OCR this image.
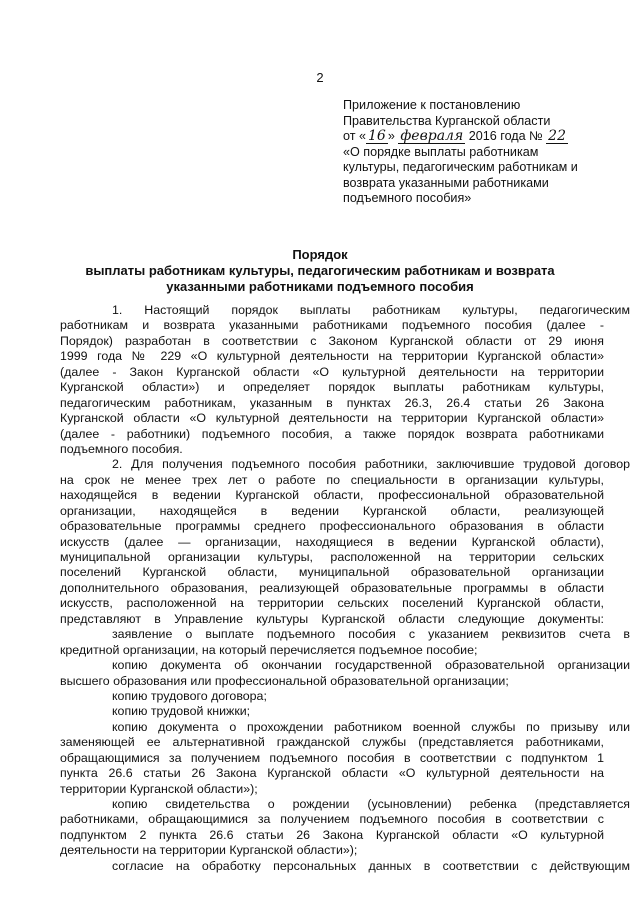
2
Приложение к постановлению
Правительства Курганской области
от « 16 » февраля 2016 года № 22
«О порядке выплаты работникам
культуры, педагогическим работникам и
возврата указанными работниками
подъемного пособия»
Порядок
выплаты работникам культуры, педагогическим работникам и возврата
указанными работниками подъемного пособия
1. Настоящий порядок выплаты работникам культуры, педагогическим
работникам и возврата указанными работниками подъемного пособия (далее -
Порядок) разработан в соответствии с Законом Курганской области от 29 июня
1999 года № 229 «О культурной деятельности на территории Курганской области»
(далее - Закон Курганской области «О культурной деятельности на территории
Курганской области») и определяет порядок выплаты работникам культуры,
педагогическим работникам, указанным в пунктах 26.3, 26.4 статьи 26 Закона
Курганской области «О культурной деятельности на территории Курганской области»
(далее - работники) подъемного пособия, а также порядок возврата работниками
подъемного пособия.
2. Для получения подъемного пособия работники, заключившие трудовой договор
на срок не менее трех лет о работе по специальности в организации культуры,
находящейся в ведении Курганской области, профессиональной образовательной
организации, находящейся в ведении Курганской области, реализующей
образовательные программы среднего профессионального образования в области
искусств (далее — организации, находящиеся в ведении Курганской области),
муниципальной организации культуры, расположенной на территории сельских
поселений Курганской области, муниципальной образовательной организации
дополнительного образования, реализующей образовательные программы в области
искусств, расположенной на территории сельских поселений Курганской области,
представляют в Управление культуры Курганской области следующие документы:
заявление о выплате подъемного пособия с указанием реквизитов счета в
кредитной организации, на который перечисляется подъемное пособие;
копию документа об окончании государственной образовательной организации
высшего образования или профессиональной образовательной организации;
копию трудового договора;
копию трудовой книжки;
копию документа о прохождении работником военной службы по призыву или
заменяющей ее альтернативной гражданской службы (представляется работниками,
обращающимися за получением подъемного пособия в соответствии с подпунктом 1
пункта 26.6 статьи 26 Закона Курганской области «О культурной деятельности на
территории Курганской области»);
копию свидетельства о рождении (усыновлении) ребенка (представляется
работниками, обращающимися за получением подъемного пособия в соответствии с
подпунктом 2 пункта 26.6 статьи 26 Закона Курганской области «О культурной
деятельности на территории Курганской области»);
согласие на обработку персональных данных в соответствии с действующим
